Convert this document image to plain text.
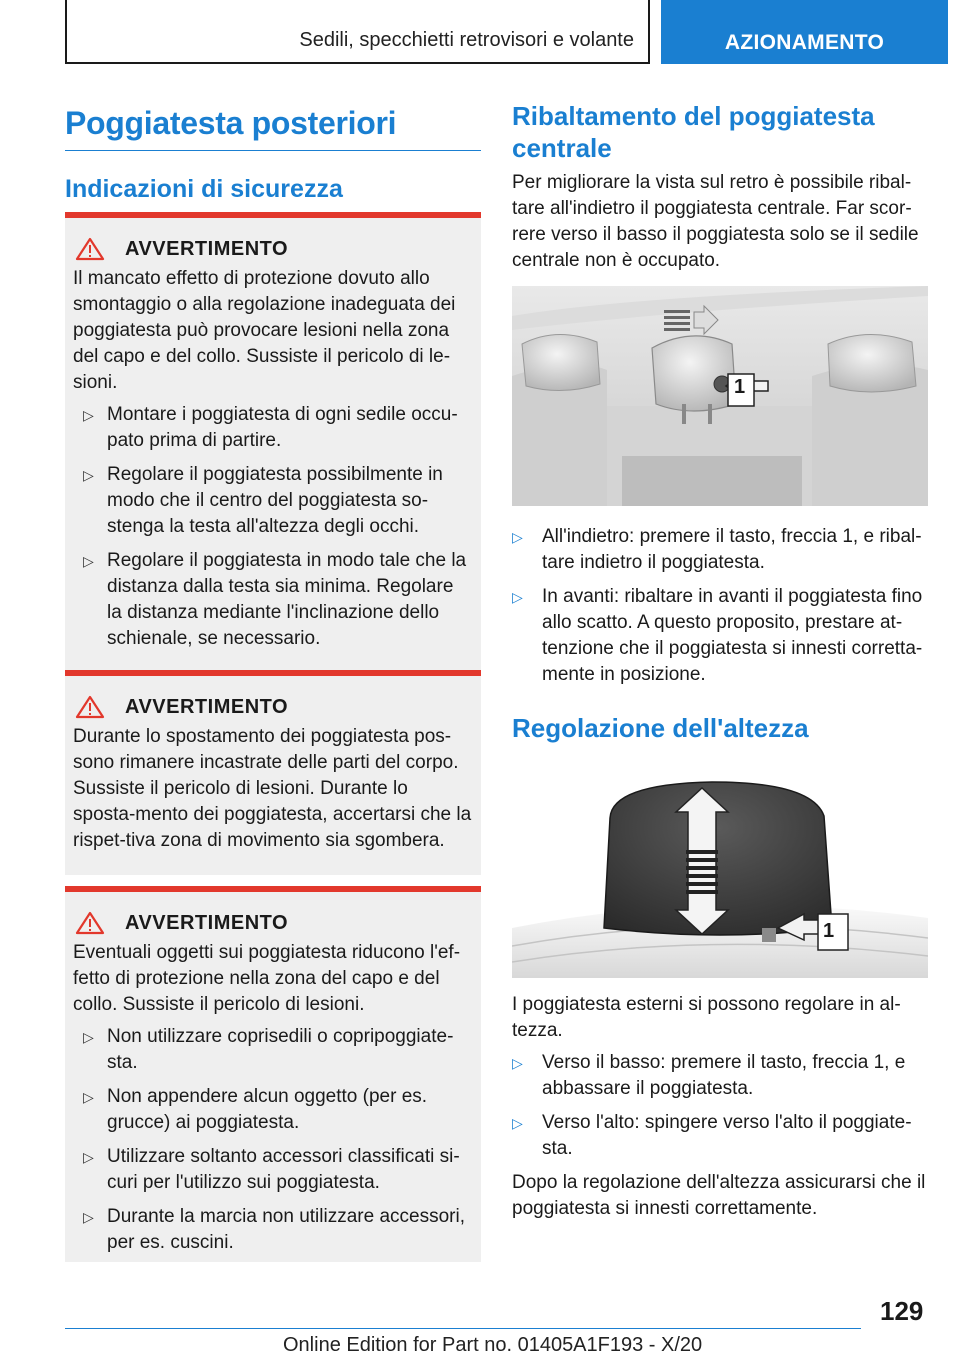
Sedili, specchietti retrovisori e volante	AZIONAMENTO
Poggiatesta posteriori
Indicazioni di sicurezza
AVVERTIMENTO

Il mancato effetto di protezione dovuto allo smontaggio o alla regolazione inadeguata dei poggiatesta può provocare lesioni nella zona del capo e del collo. Sussiste il pericolo di le-sioni.

▷ Montare i poggiatesta di ogni sedile occu-pato prima di partire.
▷ Regolare il poggiatesta possibilmente in modo che il centro del poggiatesta so-stenga la testa all'altezza degli occhi.
▷ Regolare il poggiatesta in modo tale che la distanza dalla testa sia minima. Regolare la distanza mediante l'inclinazione dello schienale, se necessario.
AVVERTIMENTO

Durante lo spostamento dei poggiatesta pos-sono rimanere incastrate delle parti del corpo. Sussiste il pericolo di lesioni. Durante lo sposta-mento dei poggiatesta, accertarsi che la rispet-tiva zona di movimento sia sgombera.

AVVERTIMENTO

Eventuali oggetti sui poggiatesta riducono l'ef-fetto di protezione nella zona del capo e del collo. Sussiste il pericolo di lesioni.

▷ Non utilizzare coprisedili o copripoggiate-sta.
▷ Non appendere alcun oggetto (per es. grucce) ai poggiatesta.
▷ Utilizzare soltanto accessori classificati si-curi per l'utilizzo sui poggiatesta.
▷ Durante la marcia non utilizzare accessori, per es. cuscini.
Ribaltamento del poggiatesta centrale

Per migliorare la vista sul retro è possibile ribal-tare all'indietro il poggiatesta centrale. Far scor-rere verso il basso il poggiatesta solo se il sedile centrale non è occupato.

1
▷ All'indietro: premere il tasto, freccia 1, e ribal-tare indietro il poggiatesta.
▷ In avanti: ribaltare in avanti il poggiatesta fino allo scatto. A questo proposito, prestare at-tenzione che il poggiatesta si innesti corretta-mente in posizione.
Regolazione dell'altezza
1

I poggiatesta esterni si possono regolare in al-tezza.

▷ Verso il basso: premere il tasto, freccia 1, e abbassare il poggiatesta.
▷ Verso l'alto: spingere verso l'alto il poggiate-sta.

Dopo la regolazione dell'altezza assicurarsi che il poggiatesta si innesti correttamente.

129
Online Edition for Part no. 01405A1F193 - X/20
